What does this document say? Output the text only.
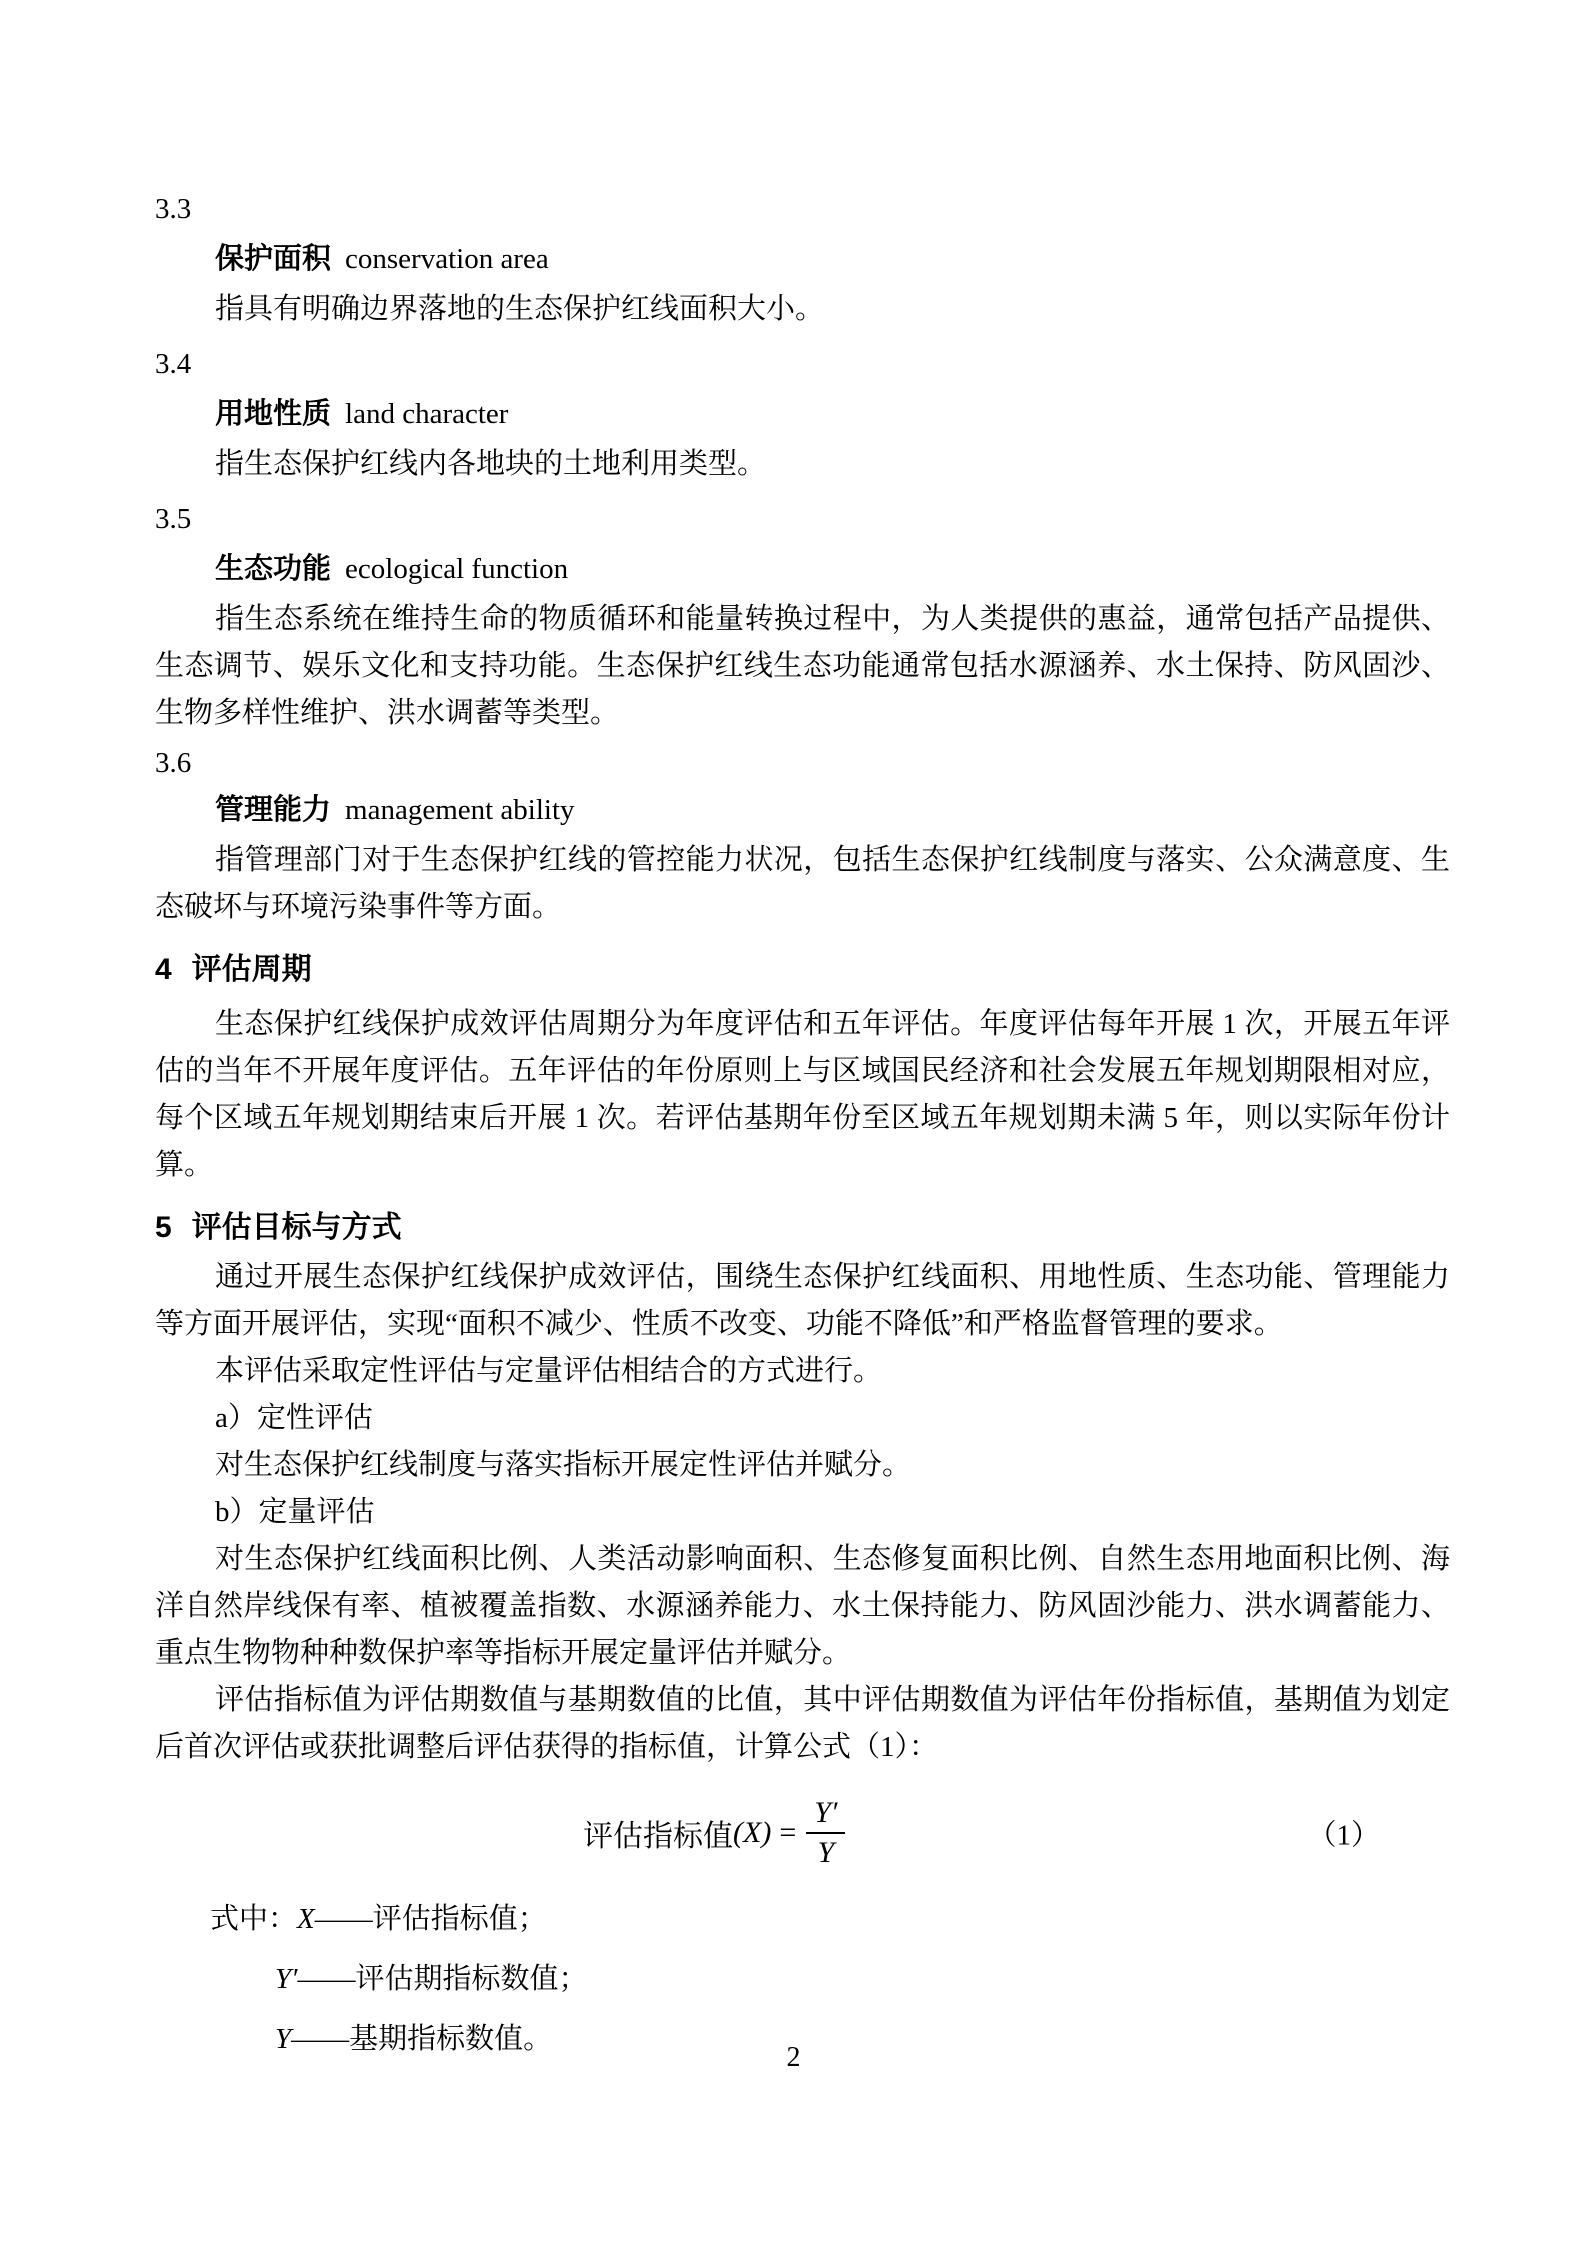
3.3
保护面积 conservation area

指具有明确边界落地的生态保护红线面积大小。

3.4
用地性质 land character

指生态保护红线内各地块的土地利用类型。

3.5
生态功能 ecological function

指生态系统在维持生命的物质循环和能量转换过程中，为人类提供的惠益，通常包括产品提供、生态调节、娱乐文化和支持功能。生态保护红线生态功能通常包括水源涵养、水土保持、防风固沙、生物多样性维护、洪水调蓄等类型。

3.6
管理能力 management ability

指管理部门对于生态保护红线的管控能力状况，包括生态保护红线制度与落实、公众满意度、生态破坏与环境污染事件等方面。

4 评估周期

生态保护红线保护成效评估周期分为年度评估和五年评估。年度评估每年开展 1 次，开展五年评估的当年不开展年度评估。五年评估的年份原则上与区域国民经济和社会发展五年规划期限相对应，每个区域五年规划期结束后开展 1 次。若评估基期年份至区域五年规划期未满 5 年，则以实际年份计算。

5 评估目标与方式

通过开展生态保护红线保护成效评估，围绕生态保护红线面积、用地性质、生态功能、管理能力等方面开展评估，实现“面积不减少、性质不改变、功能不降低”和严格监督管理的要求。

本评估采取定性评估与定量评估相结合的方式进行。

a）定性评估

对生态保护红线制度与落实指标开展定性评估并赋分。

b）定量评估

对生态保护红线面积比例、人类活动影响面积、生态修复面积比例、自然生态用地面积比例、海洋自然岸线保有率、植被覆盖指数、水源涵养能力、水土保持能力、防风固沙能力、洪水调蓄能力、重点生物物种种数保护率等指标开展定量评估并赋分。

评估指标值为评估期数值与基期数值的比值，其中评估期数值为评估年份指标值，基期值为划定后首次评估或获批调整后评估获得的指标值，计算公式（1）：

评估指标值 $(X) = \frac{Y'}{Y}$	（1）
式中：X——评估指标值；
Y′——评估期指标数值；
Y——基期指标数值。
2
